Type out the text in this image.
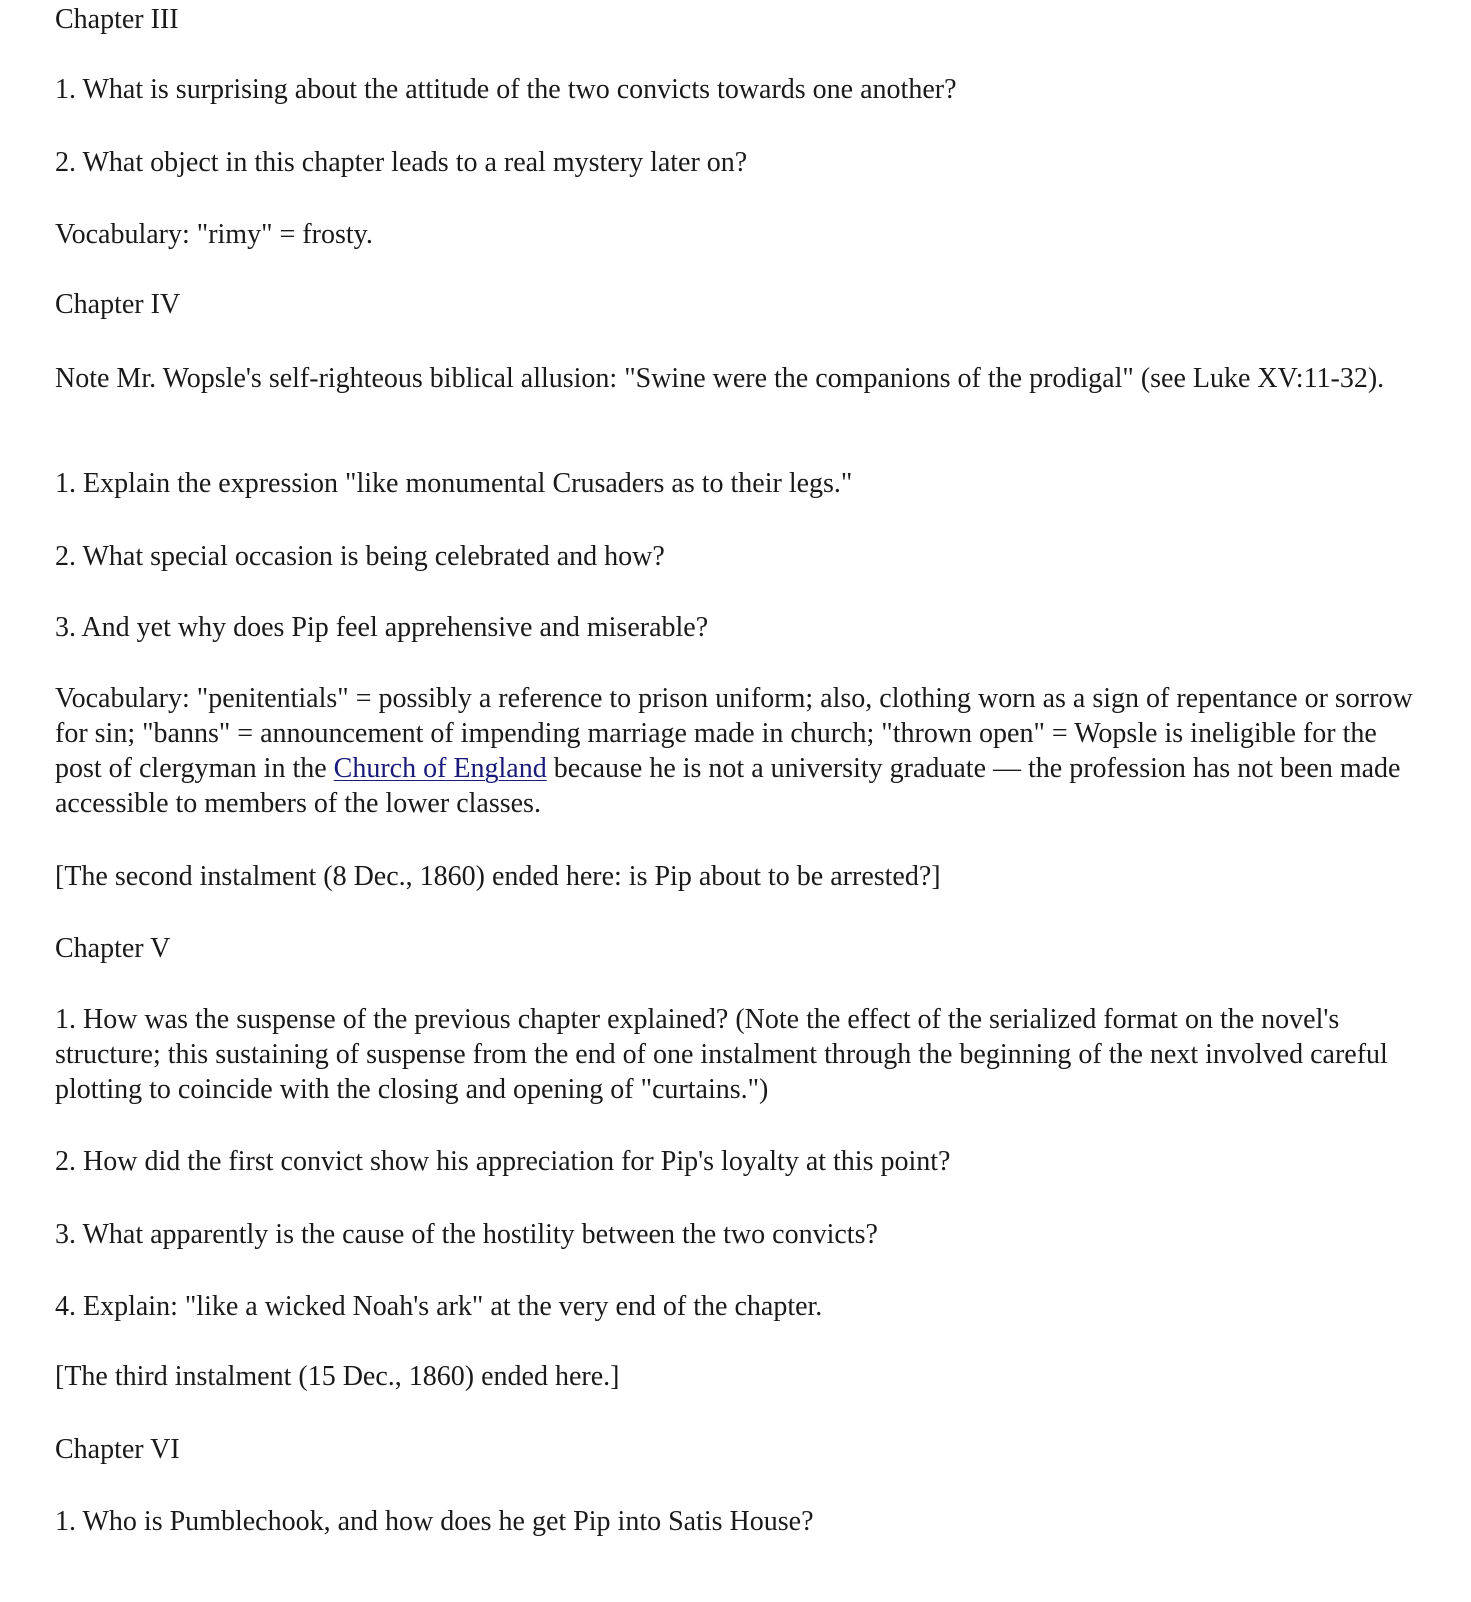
Chapter III

1. What is surprising about the attitude of the two convicts towards one another?

2. What object in this chapter leads to a real mystery later on?

Vocabulary: "rimy" = frosty.

Chapter IV

Note Mr. Wopsle's self-righteous biblical allusion: "Swine were the companions of the prodigal" (see Luke XV:11-32).

1. Explain the expression "like monumental Crusaders as to their legs."

2. What special occasion is being celebrated and how?

3. And yet why does Pip feel apprehensive and miserable?

Vocabulary: "penitentials" = possibly a reference to prison uniform; also, clothing worn as a sign of repentance or sorrow for sin; "banns" = announcement of impending marriage made in church; "thrown open" = Wopsle is ineligible for the post of clergyman in the Church of England because he is not a university graduate — the profession has not been made accessible to members of the lower classes.

[The second instalment (8 Dec., 1860) ended here: is Pip about to be arrested?]

Chapter V

1. How was the suspense of the previous chapter explained? (Note the effect of the serialized format on the novel's structure; this sustaining of suspense from the end of one instalment through the beginning of the next involved careful plotting to coincide with the closing and opening of "curtains.")

2. How did the first convict show his appreciation for Pip's loyalty at this point?

3. What apparently is the cause of the hostility between the two convicts?

4. Explain: "like a wicked Noah's ark" at the very end of the chapter.

[The third instalment (15 Dec., 1860) ended here.]

Chapter VI

1. Who is Pumblechook, and how does he get Pip into Satis House?
